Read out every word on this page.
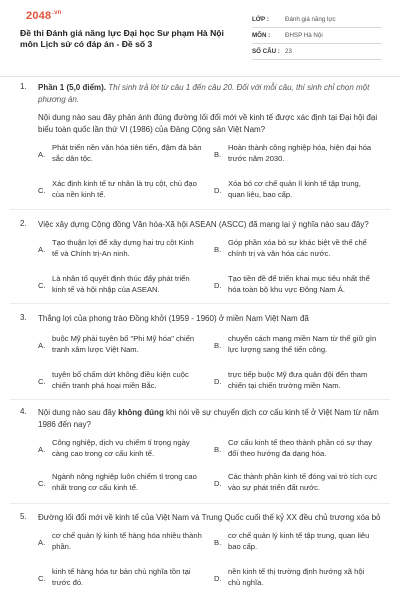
$2048^{.vn}$
Đề thi Đánh giá năng lực Đại học Sư phạm Hà Nội môn Lịch sử có đáp án - Đề số 3
LỚP :	Đánh giá năng lực
MÔN : ĐHSP Hà Nội
SỐ CÂU : 23
1. Phần 1 (5,0 điểm). Thí sinh trả lời từ câu 1 đến câu 20. Đối với mỗi câu, thí sinh chỉ chọn một phương án.
Nội dung nào sau đây phản ánh đúng đường lối đổi mới về kinh tế được xác định tại Đại hội đại biểu toàn quốc lần thứ VI (1986) của Đảng Cộng sản Việt Nam?
A.
Phát triển nền văn hóa tiên tiến, đậm đà bản sắc dân tộc.	B.
Hoàn thành công nghiệp hóa, hiện đại hóa trước năm 2030.
C.
Xác định kinh tế tư nhân là trụ cột, chủ đạo của nền kinh tế.	D.
Xóa bỏ cơ chế quản lí kinh tế tập trung, quan liêu, bao cấp.
2. Việc xây dựng Cộng đồng Văn hóa-Xã hội ASEAN (ASCC) đã mang lại ý nghĩa nào sau đây?
A.
Tạo thuận lợi để xây dựng hai trụ cột Kinh tế và Chính trị-An ninh.	B.
Góp phần xóa bỏ sự khác biệt về thể chế chính trị và văn hóa các nước.
C.
Là nhân tố quyết định thúc đẩy phát triển kinh tế và hội nhập của ASEAN.	D.
Tạo tiền đề để triển khai mục tiêu nhất thể hóa toàn bộ khu vực Đông Nam Á.
3. Thắng lợi của phong trào Đồng khởi (1959 - 1960) ở miền Nam Việt Nam đã
A.
buộc Mỹ phải tuyên bố "Phi Mỹ hóa" chiến tranh xâm lược Việt Nam.	B.
chuyển cách mạng miền Nam từ thế giữ gìn lực lượng sang thế tiến công.
C.
tuyên bố chấm dứt không điều kiện cuộc chiến tranh phá hoại miền Bắc.	D.
trực tiếp buộc Mỹ đưa quân đội đến tham chiến tại chiến trường miền Nam.
4. Nội dung nào sau đây không đúng khi nói về sự chuyển dịch cơ cấu kinh tế ở Việt Nam từ năm 1986 đến nay?
A.
Công nghiệp, dịch vụ chiếm tỉ trọng ngày càng cao trong cơ cấu kinh tế.	B.
Cơ cấu kinh tế theo thành phần có sự thay đổi theo hướng đa dạng hóa.
C.
Ngành nông nghiệp luôn chiếm tỉ trọng cao nhất trong cơ cấu kinh tế.	D.
Các thành phần kinh tế đóng vai trò tích cực vào sự phát triển đất nước.
5. Đường lối đổi mới về kinh tế của Việt Nam và Trung Quốc cuối thế kỷ XX đều chủ trương xóa bỏ
A.
cơ chế quản lý kinh tế hàng hóa nhiều thành phần.	B.
cơ chế quản lý kinh tế tập trung, quan liêu bao cấp.
C.
kinh tế hàng hóa tư bản chủ nghĩa tồn tại trước đó.	D.
nền kinh tế thị trường định hướng xã hội chủ nghĩa.
